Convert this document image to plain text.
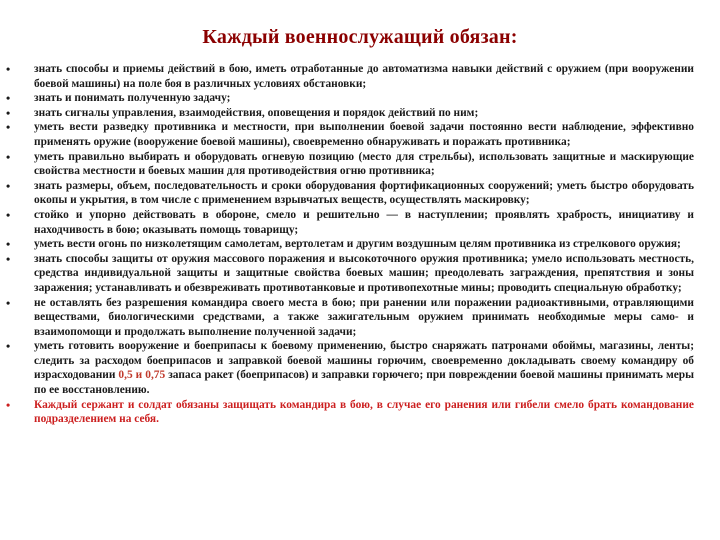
Каждый военнослужащий обязан:
• знать способы и приемы действий в бою, иметь отработанные до автоматизма навыки действий с оружием (при вооружении боевой машины) на поле боя в различных условиях обстановки;
• знать и понимать полученную задачу;
• знать сигналы управления, взаимодействия, оповещения и порядок действий по ним;
• уметь вести разведку противника и местности, при выполнении боевой задачи постоянно вести наблюдение, эффективно применять оружие (вооружение боевой машины), своевременно обнаруживать и поражать противника;
• уметь правильно выбирать и оборудовать огневую позицию (место для стрельбы), использовать защитные и маскирующие свойства местности и боевых машин для противодействия огню противника;
• знать размеры, объем, последовательность и сроки оборудования фортификационных сооружений; уметь быстро оборудовать окопы и укрытия, в том числе с применением взрывчатых веществ, осуществлять маскировку;
• стойко и упорно действовать в обороне, смело и решительно — в наступлении; проявлять храбрость, инициативу и находчивость в бою; оказывать помощь товарищу;
• уметь вести огонь по низколетящим самолетам, вертолетам и другим воздушным целям противника из стрелкового оружия;
• знать способы защиты от оружия массового поражения и высокоточного оружия противника; умело использовать местность, средства индивидуальной защиты и защитные свойства боевых машин; преодолевать заграждения, препятствия и зоны заражения; устанавливать и обезвреживать противотанковые и противопехотные мины; проводить специальную обработку;
• не оставлять без разрешения командира своего места в бою; при ранении или поражении радиоактивными, отравляющими веществами, биологическими средствами, а также зажигательным оружием принимать необходимые меры само- и взаимопомощи и продолжать выполнение полученной задачи;
• уметь готовить вооружение и боеприпасы к боевому применению, быстро снаряжать патронами обоймы, магазины, ленты; следить за расходом боеприпасов и заправкой боевой машины горючим, своевременно докладывать своему командиру об израсходовании 0,5 и 0,75 запаса ракет (боеприпасов) и заправки горючего; при повреждении боевой машины принимать меры по ее восстановлению.
• Каждый сержант и солдат обязаны защищать командира в бою, в случае его ранения или гибели смело брать командование подразделением на себя.
